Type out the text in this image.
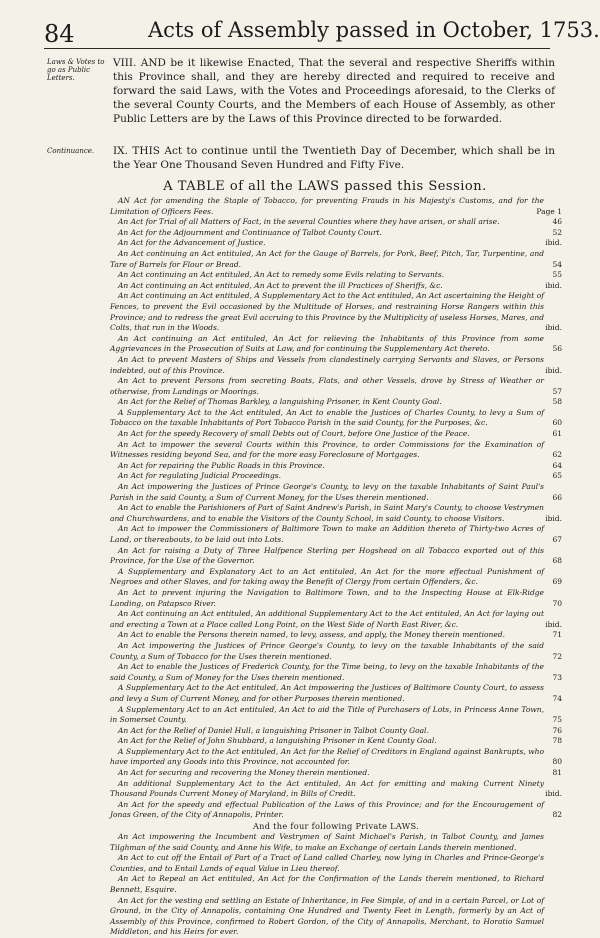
84	Acts of Assembly passed in October, 1753.
Laws & Votes to go as Public Letters.
VIII. AND be it likewise Enacted, That the several and respective Sheriffs within this Province shall, and they are hereby directed and required to receive and forward the said Laws, with the Votes and Proceedings aforesaid, to the Clerks of the several County Courts, and the Members of each House of Assembly, as other Public Letters are by the Laws of this Province directed to be forwarded.
Continuance.	IX. THIS Act to continue until the Twentieth Day of December, which shall be in the Year One Thousand Seven Hundred and Fifty Five.
A TABLE of all the LAWS passed this Session.
AN Act for amending the Staple of Tobacco, for preventing Frauds in his Majesty's Customs, and for the Limitation of Officers Fees.	Page 1
An Act for Trial of all Matters of Fact, in the several Counties where they have arisen, or shall arise.	46
An Act for the Adjournment and Continuance of Talbot County Court.	52
An Act for the Advancement of Justice.	ibid.
An Act continuing an Act entituled, An Act for the Gauge of Barrels, for Pork, Beef, Pitch, Tar, Turpentine, and Tare of Barrels for Flour or Bread.	54
An Act continuing an Act entituled, An Act to remedy some Evils relating to Servants.	55
An Act continuing an Act entituled, An Act to prevent the ill Practices of Sheriffs, &c.	ibid.
An Act continuing an Act entituled, A Supplementary Act to the Act entituled, An Act ascertaining the Height of Fences, to prevent the Evil occasioned by the Multitude of Horses, and restraining Horse Rangers within this Province; and to redress the great Evil accruing to this Province by the Multiplicity of useless Horses, Mares, and Colts, that run in the Woods.	ibid.
An Act continuing an Act entituled, An Act for relieving the Inhabitants of this Province from some Aggrievances in the Prosecution of Suits at Law, and for continuing the Supplementary Act thereto.	56
An Act to prevent Masters of Ships and Vessels from clandestinely carrying Servants and Slaves, or Persons indebted, out of this Province.	ibid.
An Act to prevent Persons from secreting Boats, Flats, and other Vessels, drove by Stress of Weather or otherwise, from Landings or Moorings.	57
An Act for the Relief of Thomas Barkley, a languishing Prisoner, in Kent County Goal.	58
A Supplementary Act to the Act entituled, An Act to enable the Justices of Charles County, to levy a Sum of Tobacco on the taxable Inhabitants of Port Tobacco Parish in the said County, for the Purposes, &c.	60
An Act for the speedy Recovery of small Debts out of Court, before One Justice of the Peace.	61
An Act to impower the several Courts within this Province, to order Commissions for the Examination of Witnesses residing beyond Sea, and for the more easy Foreclosure of Mortgages.	62
An Act for repairing the Public Roads in this Province.	64
An Act for regulating Judicial Proceedings.	65
An Act impowering the Justices of Prince George's County, to levy on the taxable Inhabitants of Saint Paul's Parish in the said County, a Sum of Current Money, for the Uses therein mentioned.	66
An Act to enable the Parishioners of Part of Saint Andrew's Parish, in Saint Mary's County, to choose Vestrymen and Churchwardens, and to enable the Visitors of the County School, in said County, to choose Visitors.	ibid.
An Act to impower the Commissioners of Baltimore Town to make an Addition thereto of Thirty-two Acres of Land, or thereabouts, to be laid out into Lots.	67
An Act for raising a Duty of Three Halfpence Sterling per Hogshead on all Tobacco exported out of this Province, for the Use of the Governor.	68
A Supplementary and Explanatory Act to an Act entituled, An Act for the more effectual Punishment of Negroes and other Slaves, and for taking away the Benefit of Clergy from certain Offenders, &c.	69
An Act to prevent injuring the Navigation to Baltimore Town, and to the Inspecting House at Elk-Ridge Landing, on Patapsco River.	70
An Act continuing an Act entituled, An additional Supplementary Act to the Act entituled, An Act for laying out and erecting a Town at a Place called Long Point, on the West Side of North East River, &c.	ibid.
An Act to enable the Persons therein named, to levy, assess, and apply, the Money therein mentioned.	71
An Act impowering the Justices of Prince George's County, to levy on the taxable Inhabitants of the said County, a Sum of Tobacco for the Uses therein mentioned.	72
An Act to enable the Justices of Frederick County, for the Time being, to levy on the taxable Inhabitants of the said County, a Sum of Money for the Uses therein mentioned.	73
A Supplementary Act to the Act entituled, An Act impowering the Justices of Baltimore County Court, to assess and levy a Sum of Current Money, and for other Purposes therein mentioned.	74
A Supplementary Act to an Act entituled, An Act to aid the Title of Purchasers of Lots, in Princess Anne Town, in Somerset County.	75
An Act for the Relief of Daniel Hull, a languishing Prisoner in Talbot County Goal.	76
An Act for the Relief of John Shubbard, a languishing Prisoner in Kent County Goal.	78
A Supplementary Act to the Act entituled, An Act for the Relief of Creditors in England against Bankrupts, who have imported any Goods into this Province, not accounted for.	80
An Act for securing and recovering the Money therein mentioned.	81
An additional Supplementary Act to the Act entituled, An Act for emitting and making Current Ninety Thousand Pounds Current Money of Maryland, in Bills of Credit.	ibid.
An Act for the speedy and effectual Publication of the Laws of this Province; and for the Encouragement of Jonas Green, of the City of Annapolis, Printer.	82
And the four following Private LAWS.
An Act impowering the Incumbent and Vestrymen of Saint Michael's Parish, in Talbot County, and James Tilghman of the said County, and Anne his Wife, to make an Exchange of certain Lands therein mentioned.
An Act to cut off the Entail of Part of a Tract of Land called Charley, now lying in Charles and Prince-George's Counties, and to Entail Lands of equal Value in Lieu thereof.
An Act to Repeal an Act entituled, An Act for the Confirmation of the Lands therein mentioned, to Richard Bennett, Esquire.
An Act for the vesting and settling an Estate of Inheritance, in Fee Simple, of and in a certain Parcel, or Lot of Ground, in the City of Annapolis, containing One Hundred and Twenty Feet in Length, formerly by an Act of Assembly of this Province, confirmed to Robert Gordon, of the City of Annapolis, Merchant, to Horatio Samuel Middleton, and his Heirs for ever.
